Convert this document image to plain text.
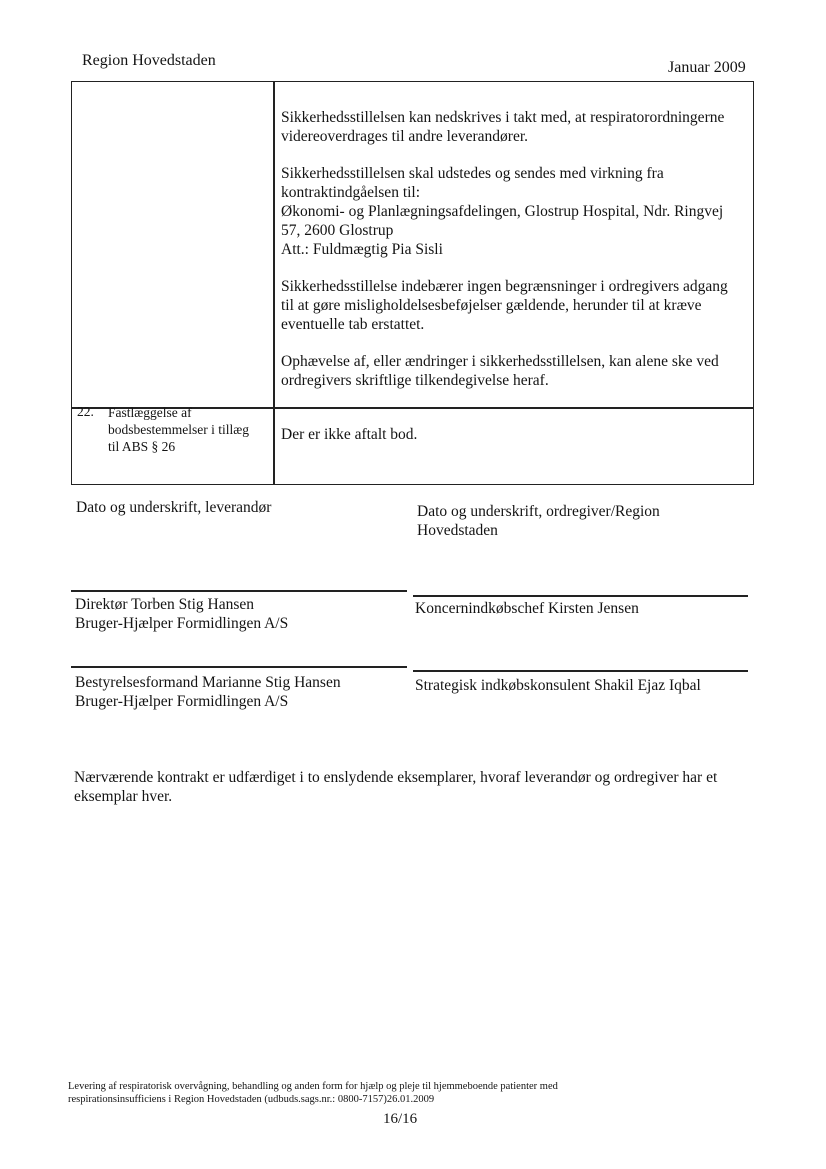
Region Hovedstaden	Januar 2009
Sikkerhedsstillelsen kan nedskrives i takt med, at respiratorordningerne
videreoverdrages til andre leverandører.
Sikkerhedsstillelsen skal udstedes og sendes med virkning fra
kontraktindgåelsen til:
Økonomi- og Planlægningsafdelingen, Glostrup Hospital, Ndr. Ringvej
57, 2600 Glostrup
Att.: Fuldmægtig Pia Sisli
Sikkerhedsstillelse indebærer ingen begrænsninger i ordregivers adgang
til at gøre misligholdelsesbeføjelser gældende, herunder til at kræve
eventuelle tab erstattet.
Ophævelse af, eller ændringer i sikkerhedsstillelsen, kan alene ske ved
ordregivers skriftlige tilkendegivelse heraf.
22. Fastlæggelse af
bodsbestemmelser i tillæg
til ABS § 26
Der er ikke aftalt bod.
Dato og underskrift, leverandør	Dato og underskrift, ordregiver/Region
Hovedstaden
Direktør Torben Stig Hansen
Bruger-Hjælper Formidlingen A/S
Koncernindkøbschef Kirsten Jensen
Bestyrelsesformand Marianne Stig Hansen
Bruger-Hjælper Formidlingen A/S
Strategisk indkøbskonsulent Shakil Ejaz Iqbal
Nærværende kontrakt er udfærdiget i to enslydende eksemplarer, hvoraf leverandør og ordregiver har et
eksemplar hver.
Levering af respiratorisk overvågning, behandling og anden form for hjælp og pleje til hjemmeboende patienter med
respirationsinsufficiens i Region Hovedstaden (udbuds.sags.nr.: 0800-7157)26.01.2009
16/16
